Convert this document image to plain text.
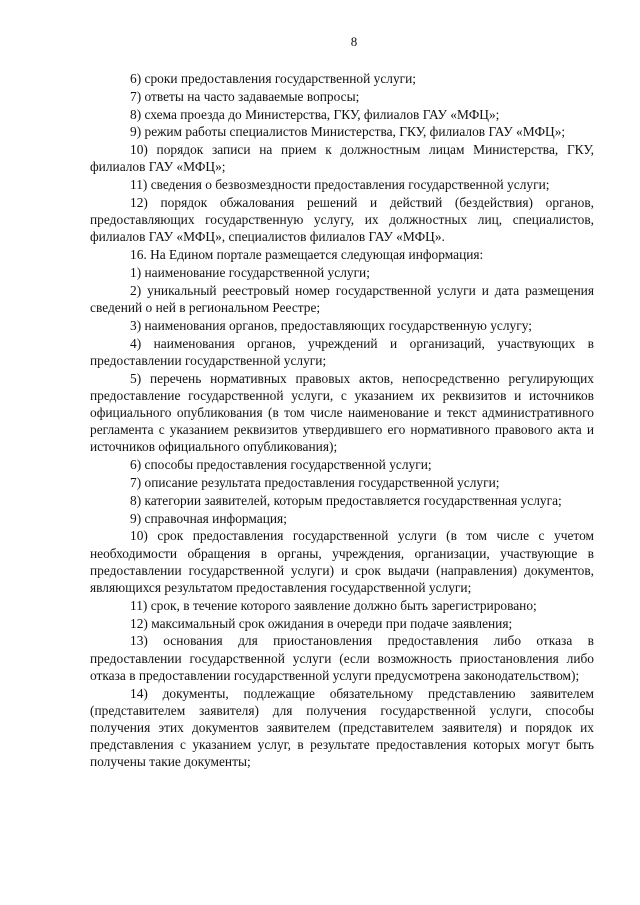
8

6) сроки предоставления государственной услуги;

7) ответы на часто задаваемые вопросы;

8) схема проезда до Министерства, ГКУ, филиалов ГАУ «МФЦ»;

9) режим работы специалистов Министерства, ГКУ, филиалов ГАУ «МФЦ»;

10) порядок записи на прием к должностным лицам Министерства, ГКУ, филиалов ГАУ «МФЦ»;

11) сведения о безвозмездности предоставления государственной услуги;

12) порядок обжалования решений и действий (бездействия) органов, предоставляющих государственную услугу, их должностных лиц, специалистов, филиалов ГАУ «МФЦ», специалистов филиалов ГАУ «МФЦ».

16. На Едином портале размещается следующая информация:

1) наименование государственной услуги;

2) уникальный реестровый номер государственной услуги и дата размещения сведений о ней в региональном Реестре;

3) наименования органов, предоставляющих государственную услугу;

4) наименования органов, учреждений и организаций, участвующих в предоставлении государственной услуги;

5) перечень нормативных правовых актов, непосредственно регулирующих предоставление государственной услуги, с указанием их реквизитов и источников официального опубликования (в том числе наименование и текст административного регламента с указанием реквизитов утвердившего его нормативного правового акта и источников официального опубликования);

6) способы предоставления государственной услуги;

7) описание результата предоставления государственной услуги;

8) категории заявителей, которым предоставляется государственная услуга;

9) справочная информация;

10) срок предоставления государственной услуги (в том числе с учетом необходимости обращения в органы, учреждения, организации, участвующие в предоставлении государственной услуги) и срок выдачи (направления) документов, являющихся результатом предоставления государственной услуги;

11) срок, в течение которого заявление должно быть зарегистрировано;

12) максимальный срок ожидания в очереди при подаче заявления;

13) основания для приостановления предоставления либо отказа в предоставлении государственной услуги (если возможность приостановления либо отказа в предоставлении государственной услуги предусмотрена законодательством);

14) документы, подлежащие обязательному представлению заявителем (представителем заявителя) для получения государственной услуги, способы получения этих документов заявителем (представителем заявителя) и порядок их представления с указанием услуг, в результате предоставления которых могут быть получены такие документы;
